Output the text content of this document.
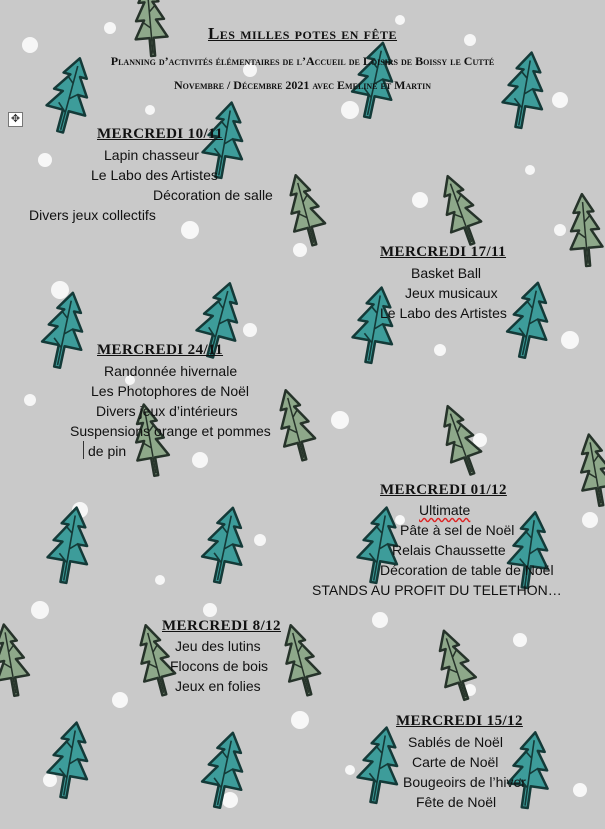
✥
Les milles potes en fête
Planning d’activités élémentaires de l’Accueil de Loisirs de Boissy le Cutté
Novembre / Décembre 2021 avec Emeline et Martin
MERCREDI 10/11
Lapin chasseur
Le Labo des Artistes
Décoration de salle
Divers jeux collectifs
MERCREDI 17/11
Basket Ball
Jeux musicaux
Le Labo des Artistes
MERCREDI 24/11
Randonnée hivernale
Les Photophores de Noël
Divers jeux d’intérieurs
Suspensions orange et pommes
de pin
MERCREDI 01/12
Ultimate
Pâte à sel de Noël
Relais Chaussette
Décoration de table de Noël
STANDS AU PROFIT DU TELETHON…
MERCREDI 8/12
Jeu des lutins
Flocons de bois
Jeux en folies
MERCREDI 15/12
Sablés de Noël
Carte de Noël
Bougeoirs de l’hiver
Fête de Noël
